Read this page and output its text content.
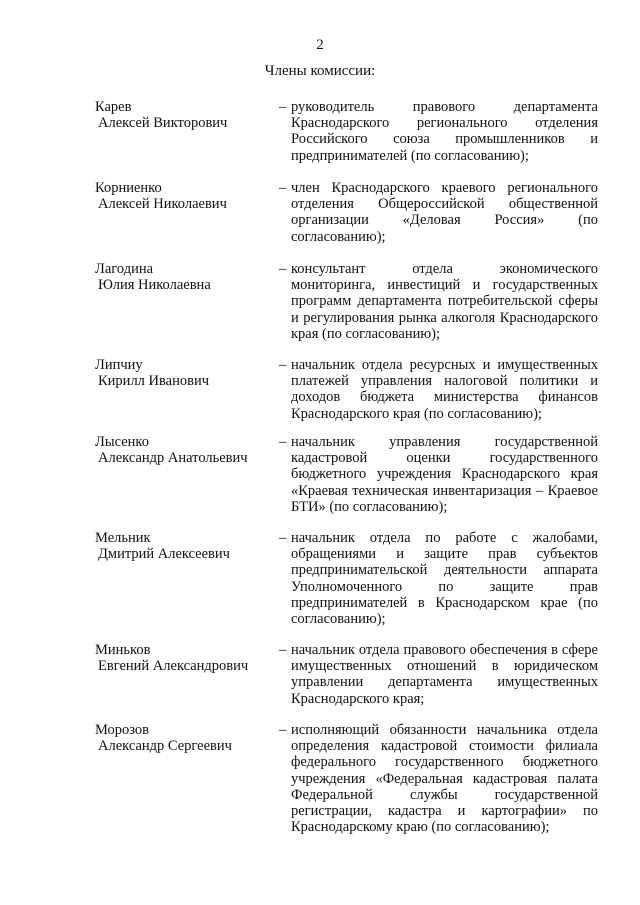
2
Члены комиссии:
Карев
Алексей Викторович
– руководитель правового департамента Краснодарского регионального отделения Российского союза промышленников и предпринимателей (по согласованию);
Корниенко
Алексей Николаевич
– член Краснодарского краевого регионального отделения Общероссийской общественной организации «Деловая Россия» (по согласованию);
Лагодина
Юлия Николаевна
– консультант отдела экономического мониторинга, инвестиций и государственных программ департамента потребительской сферы и регулирования рынка алкоголя Краснодарского края (по согласованию);
Липчиу
Кирилл Иванович
– начальник отдела ресурсных и имущественных платежей управления налоговой политики и доходов бюджета министерства финансов Краснодарского края (по согласованию);
Лысенко
Александр Анатольевич
– начальник управления государственной кадастровой оценки государственного бюджетного учреждения Краснодарского края «Краевая техническая инвентаризация – Краевое БТИ» (по согласованию);
Мельник
Дмитрий Алексеевич
– начальник отдела по работе с жалобами, обращениями и защите прав субъектов предпринимательской деятельности аппарата Уполномоченного по защите прав предпринимателей в Краснодарском крае (по согласованию);
Миньков
Евгений Александрович
– начальник отдела правового обеспечения в сфере имущественных отношений в юридическом управлении департамента имущественных Краснодарского края;
Морозов
Александр Сергеевич
– исполняющий обязанности начальника отдела определения кадастровой стоимости филиала федерального государственного бюджетного учреждения «Федеральная кадастровая палата Федеральной службы государственной регистрации, кадастра и картографии» по Краснодарскому краю (по согласованию);
